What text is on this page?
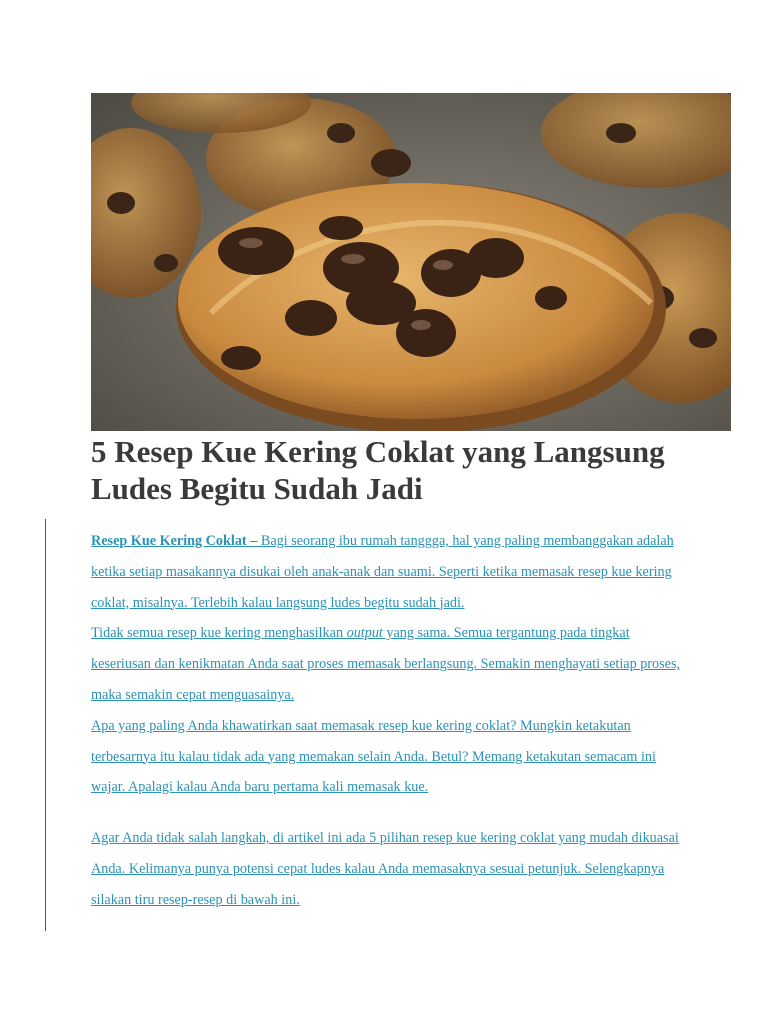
5 Resep Kue Kering Coklat yang Langsung Ludes Begitu Sudah Jadi

Resep Kue Kering Coklat – Bagi seorang ibu rumah tanggga, hal yang paling membanggakan adalah ketika setiap masakannya disukai oleh anak-anak dan suami. Seperti ketika memasak resep kue kering coklat, misalnya. Terlebih kalau langsung ludes begitu sudah jadi.

Tidak semua resep kue kering menghasilkan output yang sama. Semua tergantung pada tingkat keseriusan dan kenikmatan Anda saat proses memasak berlangsung. Semakin menghayati setiap proses, maka semakin cepat menguasainya.

Apa yang paling Anda khawatirkan saat memasak resep kue kering coklat? Mungkin ketakutan terbesarnya itu kalau tidak ada yang memakan selain Anda. Betul? Memang ketakutan semacam ini wajar. Apalagi kalau Anda baru pertama kali memasak kue.

Agar Anda tidak salah langkah, di artikel ini ada 5 pilihan resep kue kering coklat yang mudah dikuasai Anda. Kelimanya punya potensi cepat ludes kalau Anda memasaknya sesuai petunjuk. Selengkapnya silakan tiru resep-resep di bawah ini.
